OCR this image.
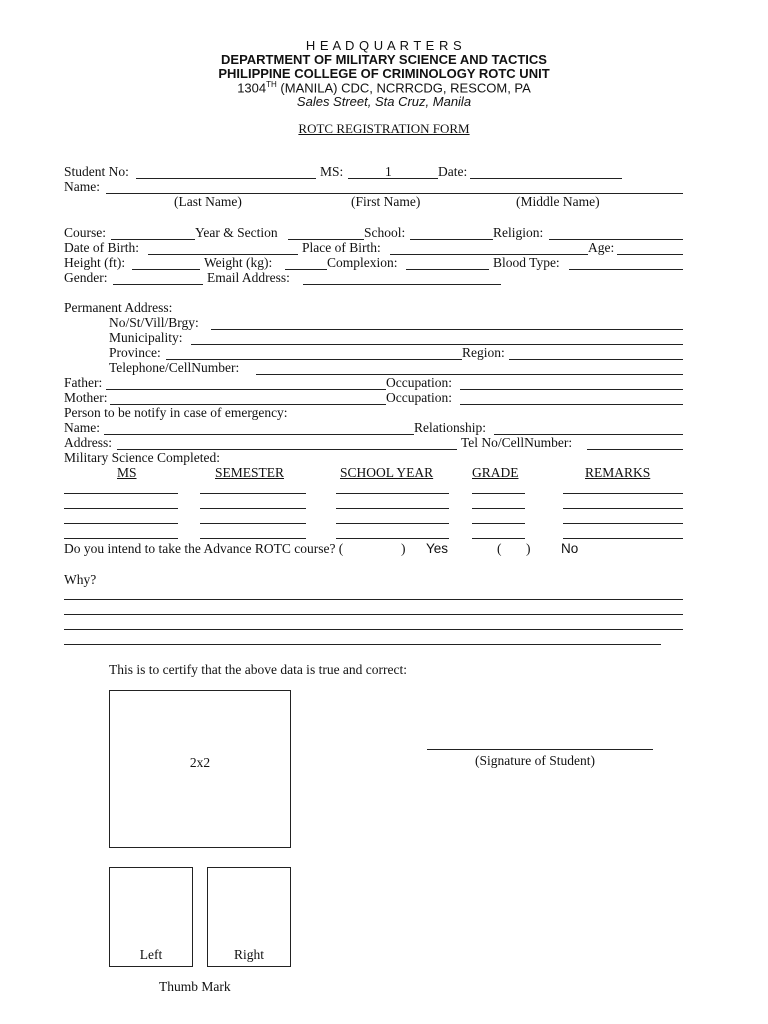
H E A D Q U A R T E R S
DEPARTMENT OF MILITARY SCIENCE AND TACTICS
PHILIPPINE COLLEGE OF CRIMINOLOGY ROTC UNIT
1304TH (MANILA) CDC, NCRRCDG, RESCOM, PA
Sales Street, Sta Cruz, Manila
ROTC REGISTRATION FORM
Student No:	MS:	1	Date:
Name:
(Last Name)	(First Name)	(Middle Name)
Course:	Year & Section	School:	Religion:
Date of Birth:	Place of Birth:	Age:
Height (ft):	Weight (kg):	Complexion:	Blood Type:
Gender:	Email Address:
Permanent Address:
No/St/Vill/Brgy:
Municipality:
Province:	Region:
Telephone/CellNumber:
Father:	Occupation:
Mother:	Occupation:
Person to be notify in case of emergency:
Name:	Relationship:
Address:	Tel No/CellNumber:
Military Science Completed:
MS	SEMESTER	SCHOOL YEAR	GRADE	REMARKS
Do you intend to take the Advance ROTC course? (	) Yes	( ) No
Why?
This is to certify that the above data is true and correct:
2x2	(Signature of Student)
Left	Right
Thumb Mark
